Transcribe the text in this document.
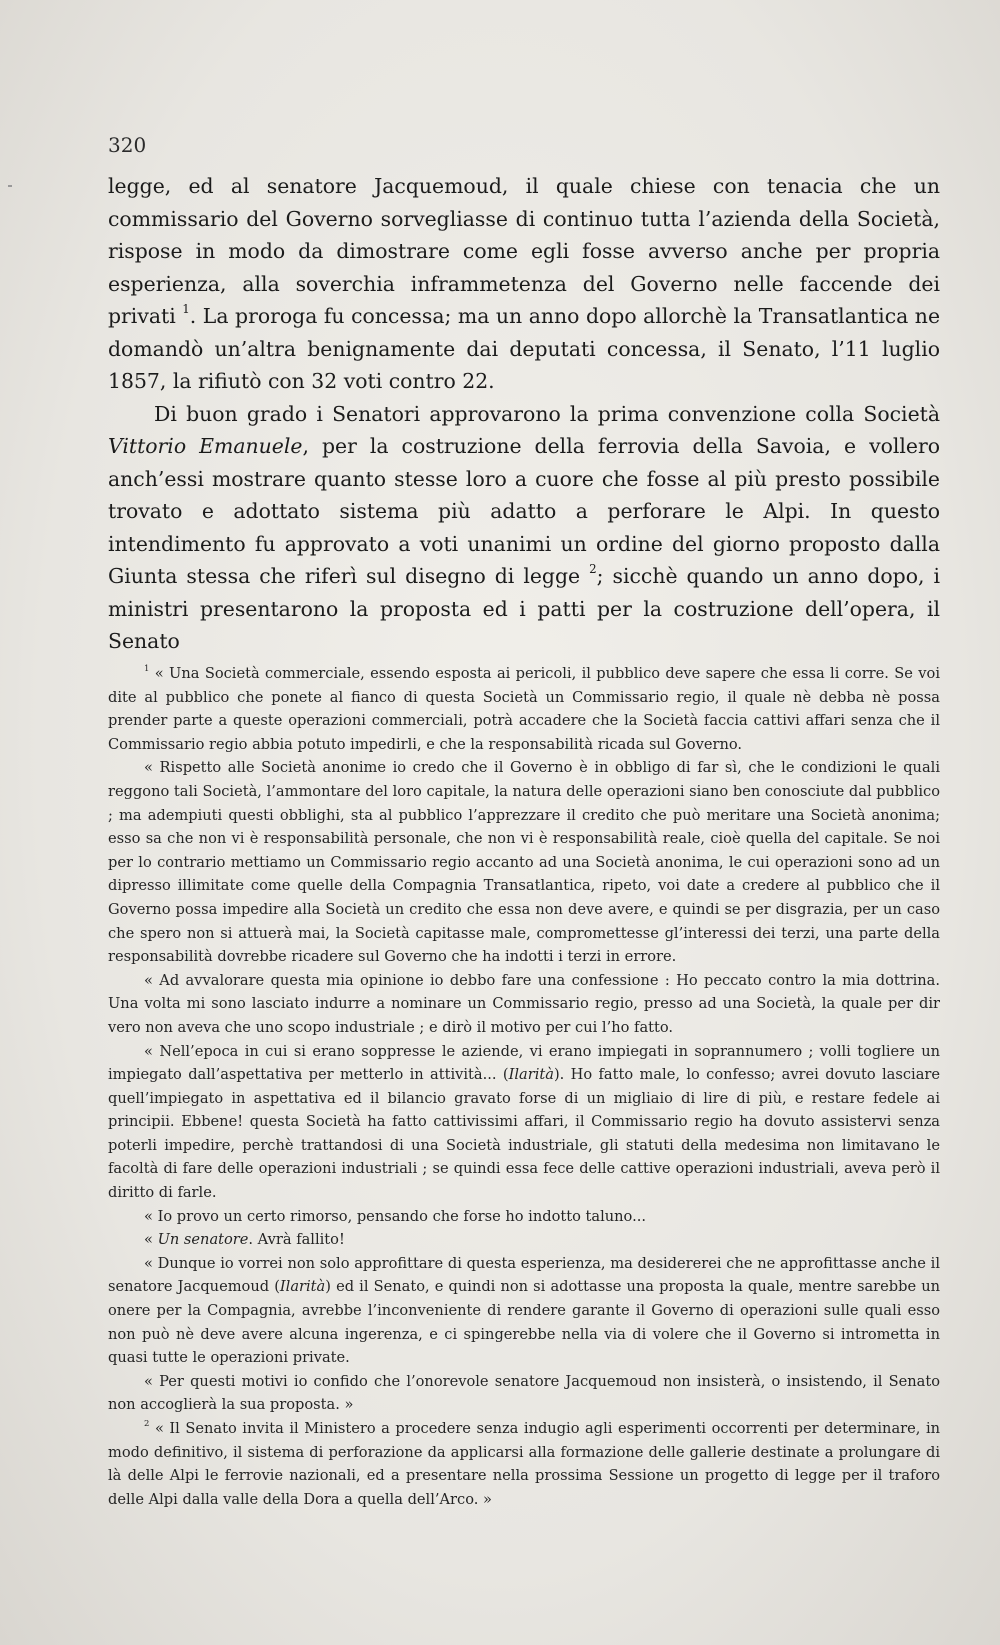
320

legge, ed al senatore Jacquemoud, il quale chiese con tenacia che un commissario del Governo sorvegliasse di continuo tutta l’azienda della Società, rispose in modo da dimostrare come egli fosse avverso anche per propria esperienza, alla soverchia inframmetenza del Governo nelle faccende dei privati $^1$. La proroga fu concessa; ma un anno dopo allorchè la Transatlantica ne domandò un’altra benignamente dai deputati concessa, il Senato, l’11 luglio 1857, la rifiutò con 32 voti contro 22.

Di buon grado i Senatori approvarono la prima convenzione colla Società Vittorio Emanuele, per la costruzione della ferrovia della Savoia, e vollero anch’essi mostrare quanto stesse loro a cuore che fosse al più presto possibile trovato e adottato sistema più adatto a perforare le Alpi. In questo intendimento fu approvato a voti unanimi un ordine del giorno proposto dalla Giunta stessa che riferì sul disegno di legge $^2$; sicchè quando un anno dopo, i ministri presentarono la proposta ed i patti per la costruzione dell’opera, il Senato

$^1$ « Una Società commerciale, essendo esposta ai pericoli, il pubblico deve sapere che essa li corre. Se voi dite al pubblico che ponete al fianco di questa Società un Commissario regio, il quale nè debba nè possa prender parte a queste operazioni commerciali, potrà accadere che la Società faccia cattivi affari senza che il Commissario regio abbia potuto impedirli, e che la responsabilità ricada sul Governo.

« Rispetto alle Società anonime io credo che il Governo è in obbligo di far sì, che le condizioni le quali reggono tali Società, l’ammontare del loro capitale, la natura delle operazioni siano ben conosciute dal pubblico ; ma adempiuti questi obblighi, sta al pubblico l’apprezzare il credito che può meritare una Società anonima; esso sa che non vi è responsabilità personale, che non vi è responsabilità reale, cioè quella del capitale. Se noi per lo contrario mettiamo un Commissario regio accanto ad una Società anonima, le cui operazioni sono ad un dipresso illimitate come quelle della Compagnia Transatlantica, ripeto, voi date a credere al pubblico che il Governo possa impedire alla Società un credito che essa non deve avere, e quindi se per disgrazia, per un caso che spero non si attuerà mai, la Società capitasse male, compromettesse gl’interessi dei terzi, una parte della responsabilità dovrebbe ricadere sul Governo che ha indotti i terzi in errore.

« Ad avvalorare questa mia opinione io debbo fare una confessione : Ho peccato contro la mia dottrina. Una volta mi sono lasciato indurre a nominare un Commissario regio, presso ad una Società, la quale per dir vero non aveva che uno scopo industriale ; e dirò il motivo per cui l’ho fatto.

« Nell’epoca in cui si erano soppresse le aziende, vi erano impiegati in soprannumero ; volli togliere un impiegato dall’aspettativa per metterlo in attività... (Ilarità). Ho fatto male, lo confesso; avrei dovuto lasciare quell’impiegato in aspettativa ed il bilancio gravato forse di un migliaio di lire di più, e restare fedele ai principii. Ebbene! questa Società ha fatto cattivissimi affari, il Commissario regio ha dovuto assistervi senza poterli impedire, perchè trattandosi di una Società industriale, gli statuti della medesima non limitavano le facoltà di fare delle operazioni industriali ; se quindi essa fece delle cattive operazioni industriali, aveva però il diritto di farle.

« Io provo un certo rimorso, pensando che forse ho indotto taluno...

« Un senatore. Avrà fallito!

« Dunque io vorrei non solo approfittare di questa esperienza, ma desidererei che ne approfittasse anche il senatore Jacquemoud (Ilarità) ed il Senato, e quindi non si adottasse una proposta la quale, mentre sarebbe un onere per la Compagnia, avrebbe l’inconveniente di rendere garante il Governo di operazioni sulle quali esso non può nè deve avere alcuna ingerenza, e ci spingerebbe nella via di volere che il Governo si intrometta in quasi tutte le operazioni private.

« Per questi motivi io confido che l’onorevole senatore Jacquemoud non insisterà, o insistendo, il Senato non accoglierà la sua proposta. »

$^2$ « Il Senato invita il Ministero a procedere senza indugio agli esperimenti occorrenti per determinare, in modo definitivo, il sistema di perforazione da applicarsi alla formazione delle gallerie destinate a prolungare di là delle Alpi le ferrovie nazionali, ed a presentare nella prossima Sessione un progetto di legge per il traforo delle Alpi dalla valle della Dora a quella dell’Arco. »
